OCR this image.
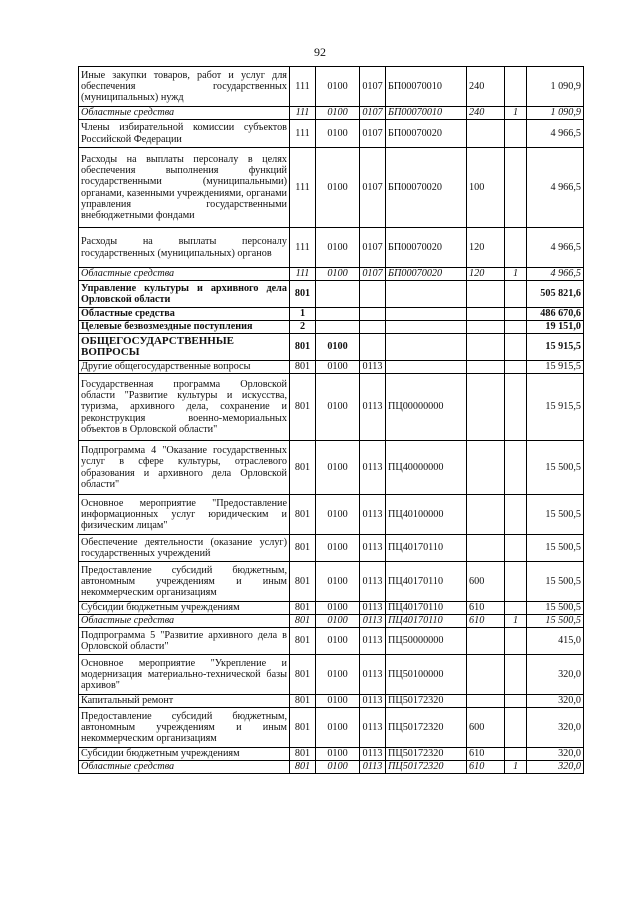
92
Иные закупки товаров, работ и услуг для обеспечения государственных (муниципальных) нужд	111	0100	0107	БП00070010	240		1 090,9
Областные средства	111	0100	0107	БП00070010	240	1	1 090,9
Члены избирательной комиссии субъектов Российской Федерации	111	0100	0107	БП00070020			4 966,5
Расходы на выплаты персоналу в целях обеспечения выполнения функций государственными (муниципальными) органами, казенными учреждениями, органами управления государственными внебюджетными фондами	111	0100	0107	БП00070020	100		4 966,5
Расходы на выплаты персоналу государственных (муниципальных) органов	111	0100	0107	БП00070020	120		4 966,5
Областные средства	111	0100	0107	БП00070020	120	1	4 966,5
Управление культуры и архивного дела Орловской области	801						505 821,6
Областные средства	1						486 670,6
Целевые безвозмездные поступления	2						19 151,0
ОБЩЕГОСУДАРСТВЕННЫЕ ВОПРОСЫ	801	0100					15 915,5
Другие общегосударственные вопросы	801	0100	0113				15 915,5
Государственная программа Орловской области "Развитие культуры и искусства, туризма, архивного дела, сохранение и реконструкция военно-мемориальных объектов в Орловской области"	801	0100	0113	ПЦ00000000			15 915,5
Подпрограмма 4 "Оказание государственных услуг в сфере культуры, отраслевого образования и архивного дела Орловской области"	801	0100	0113	ПЦ40000000			15 500,5
Основное мероприятие "Предоставление информационных услуг юридическим и физическим лицам"	801	0100	0113	ПЦ40100000			15 500,5
Обеспечение деятельности (оказание услуг) государственных учреждений	801	0100	0113	ПЦ40170110			15 500,5
Предоставление субсидий бюджетным, автономным учреждениям и иным некоммерческим организациям	801	0100	0113	ПЦ40170110	600		15 500,5
Субсидии бюджетным учреждениям	801	0100	0113	ПЦ40170110	610		15 500,5
Областные средства	801	0100	0113	ПЦ40170110	610	1	15 500,5
Подпрограмма 5 "Развитие архивного дела в Орловской области"	801	0100	0113	ПЦ50000000			415,0
Основное мероприятие "Укрепление и модернизация материально-технической базы архивов"	801	0100	0113	ПЦ50100000			320,0
Капитальный ремонт	801	0100	0113	ПЦ50172320			320,0
Предоставление субсидий бюджетным, автономным учреждениям и иным некоммерческим организациям	801	0100	0113	ПЦ50172320	600		320,0
Субсидии бюджетным учреждениям	801	0100	0113	ПЦ50172320	610		320,0
Областные средства	801	0100	0113	ПЦ50172320	610	1	320,0
